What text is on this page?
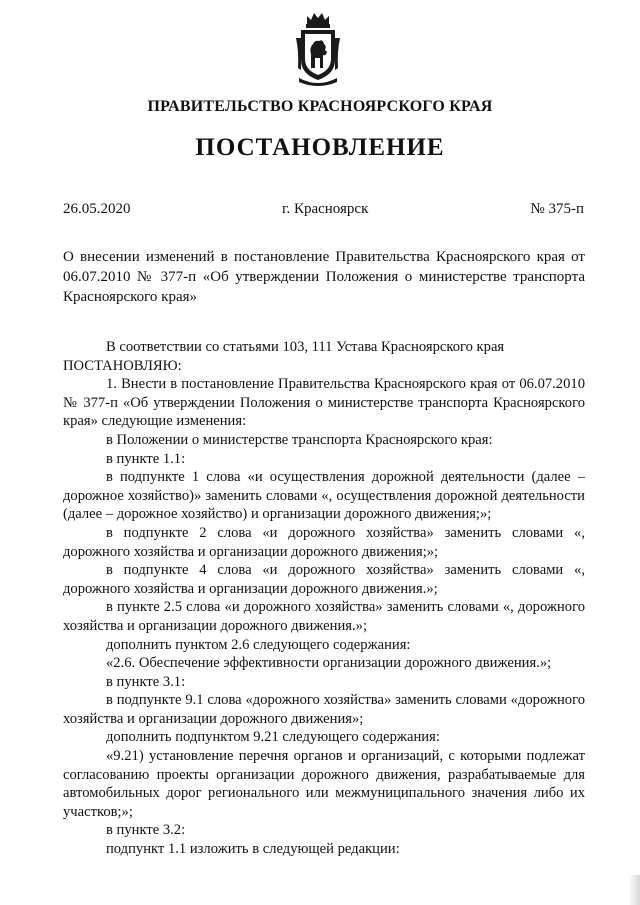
ПРАВИТЕЛЬСТВО КРАСНОЯРСКОГО КРАЯ
ПОСТАНОВЛЕНИЕ
26.05.2020	г. Красноярск	№ 375-п
О внесении изменений в постановление Правительства Красноярского края от 06.07.2010 № 377-п «Об утверждении Положения о министерстве транспорта Красноярского края»

В соответствии со статьями 103, 111 Устава Красноярского края

ПОСТАНОВЛЯЮ:

1. Внести в постановление Правительства Красноярского края от 06.07.2010 № 377-п «Об утверждении Положения о министерстве транспорта Красноярского края» следующие изменения:

в Положении о министерстве транспорта Красноярского края:

в пункте 1.1:

в подпункте 1 слова «и осуществления дорожной деятельности (далее – дорожное хозяйство)» заменить словами «, осуществления дорожной деятельности (далее – дорожное хозяйство) и организации дорожного движения;»;

в подпункте 2 слова «и дорожного хозяйства» заменить словами «, дорожного хозяйства и организации дорожного движения;»;

в подпункте 4 слова «и дорожного хозяйства» заменить словами «, дорожного хозяйства и организации дорожного движения.»;

в пункте 2.5 слова «и дорожного хозяйства» заменить словами «, дорожного хозяйства и организации дорожного движения.»;

дополнить пунктом 2.6 следующего содержания:

«2.6. Обеспечение эффективности организации дорожного движения.»;

в пункте 3.1:

в подпункте 9.1 слова «дорожного хозяйства» заменить словами «дорожного хозяйства и организации дорожного движения»;

дополнить подпунктом 9.21 следующего содержания:

«9.21) установление перечня органов и организаций, с которыми подлежат согласованию проекты организации дорожного движения, разрабатываемые для автомобильных дорог регионального или межмуниципального значения либо их участков;»;

в пункте 3.2:

подпункт 1.1 изложить в следующей редакции:
